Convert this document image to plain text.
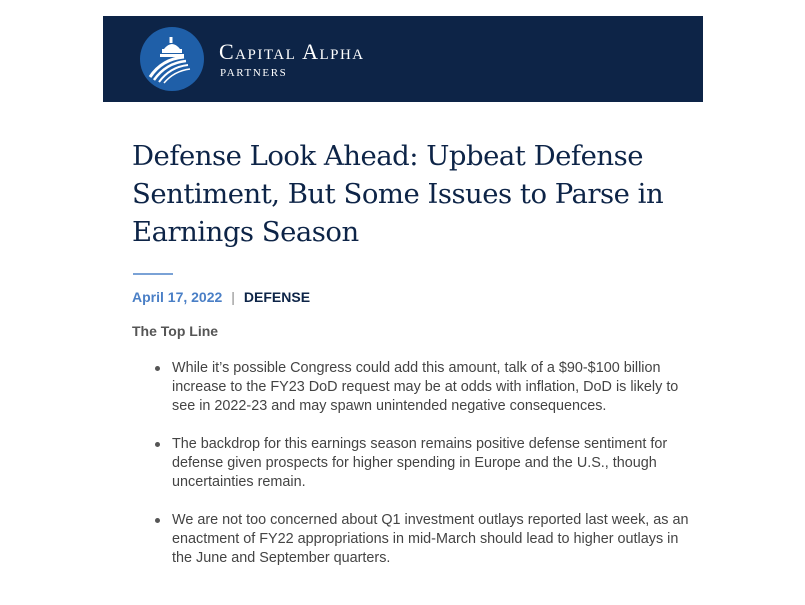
Capital Alpha
PARTNERS
Defense Look Ahead: Upbeat Defense Sentiment, But Some Issues to Parse in Earnings Season
April 17, 2022 | DEFENSE
The Top Line
While it’s possible Congress could add this amount, talk of a $90-$100 billion increase to the FY23 DoD request may be at odds with inflation, DoD is likely to see in 2022-23 and may spawn unintended negative consequences.
The backdrop for this earnings season remains positive defense sentiment for defense given prospects for higher spending in Europe and the U.S., though uncertainties remain.
We are not too concerned about Q1 investment outlays reported last week, as an enactment of FY22 appropriations in mid-March should lead to higher outlays in the June and September quarters.
